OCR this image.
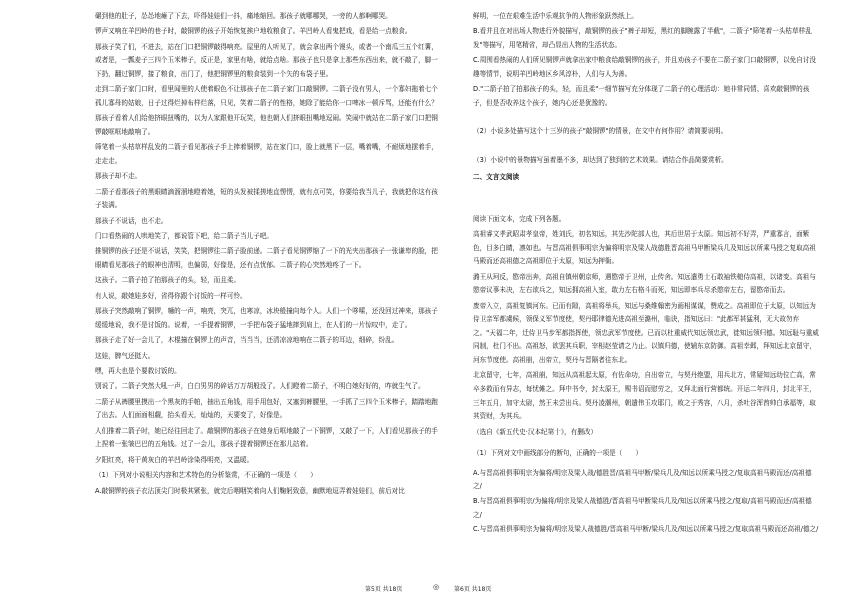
碾到他的肚子，怂怂地瘫了下去，吓得娃娃们一抖，痛地缩回。那孩子就哪哪哭，一旁的人都啊哪哭。

锣声又响在羊凹岭的巷子时，敲铜锣的孩子开始恢复挨户地收粮食了。羊凹岭人看鬼把戏，看是给一点粮食。

那孩子笑了们，不进去，站在门口把铜锣敲得响亮。屋里的人听见了，就会拿出两个馒头，或者一个南瓜三五个红薯，或者是，一瓢麦子三四个玉米棒子，反正是，家里有啥，就给点啥。那孩子也只是拿上那些东西出来，就不敲了，脚一下扔，翻过铜锣，接了粮食，出门了，他把铜锣里的粮食装到一个矢的布袋子里。

走到二箭子家门口时，看里闻里的人使着眼色不让那孩子在二箭子家门口敲铜锣。二箭子没有男人，一个寡妇拖着七个孤儿寡母的姑娘，日子过得烂掉布样烂落，只见，笑着二箭子的性格，她除了能给你一口啤冰一顿斥骂，还能有什么？

那孩子看着人们给他挤眼扭嘴的，以为人家跟他开玩笑，他也朝人们挤眼扭嘴地逗闹。笑闹中就站在二箭子家门口把铜锣敲哐哐地敲响了。

筛笔着一头枯草样乱发的二箭子看见那孩子手上捧着铜锣，站在家门口，脸上就黑下一层，嘴着嘴，不耐烦地摆着手，走走走。

那孩子却不走。

二箭子看那孩子的黑眼睛滴溜溜地瞪着她，短的头发被揉搓地直愣愣，就有点可笑，你要给我当儿子，我就把你这有孩子装满。

那孩子不说话，也不走。

门口看热闹的人哄地笑了，都说管下吧，给二箭子当儿子吧。

推铜锣的孩子还是不说话，笑笑，把铜锣往二箭子脸前递。二箭子看见铜锣缩了一下的光夹出那孩子一张谦卑的脸，把眼睛看见那孩子的眼神也清明，也偏弱，好像是，还有点忧郁。二箭子的心突然地疼了一下。

这孩子。二箭子拍了拍那孩子的头，轻，而且柔。

有人说，敲她娃多好，省得你跟个讨饭的一样可怜。

那孩子突然敲响了铜锣，嗵的一声，响亮，突兀，也寒凉，冰块般撞向每个人。人们一个哆嗦，还没回过神来，那孩子缓缓地说，我不是讨饭的。说着，一手提着铜锣，一手把布袋子猛地摔到肩上，在人们的一片惊叹中，走了。

那孩子走了好一会儿了，木棍撞在铜锣上的声音，当当当，还清凉凉地响在二箭子的耳边，细碎，纷乱。

这娃，脾气还挺大。

嘿，再大也是个要救讨饭的。

别说了。二箭子突然大吼一声，白白男男的碎话万万胡般没了。人们瞪着二箭子，不明白她好好的，咋就生气了。

二箭子从裤腰里摸出一个黑灰的手帕，抽出五角钱，用手用包好，又塞到裤腰里，一手抓了三四个玉米棒子，踏踏地跑了出去。人们面面相觑，抬头看天，灿灿的，天要变了，好像是。

人们推着二箭子时，她已经往回走了。敲铜锣的那孩子在她身后哐地敲了一下铜锣，又敲了一下，人们看见那孩子的手上捏着一张皱巴巴的五角钱。过了一会儿，那孩子提着铜锣还在那儿站着。

夕阳红亮，将干黄灰白的羊凹岭涂染得明亮，又温暖。

（1）下列对小说相关内容和艺术特色的分析鉴赏，不正确的一项是（　　）

A.敲铜锣的孩子衣沾顶尖门时极其紧张，就完后咽咽笑着向人们鞠躬致意，幽默地逗弄着娃娃们，前后对比

鲜明，一位在艰难生活中乐观抗争的人物形象跃然纸上。

B.看并且在对出场人物进行外貌描写，敲铜锣的孩子"裤子却短，黑红的脚腕露了半截"，二箭子"筛笔着一头枯草样乱发"等描写，用笔精省，却凸显出人物的生活状态。

C.周围看热闹的人们所见铜锣声就拿出家中粮食给敲铜锣的孩子，并且劝孩子不要在二箭子家门口敲铜锣，以免自讨没趣等情节，说明羊凹岭地区乡风淳朴，人们与人为善。

D."二箭子拍了拍那孩子的头，轻，而且柔"一细节描写充分体现了二箭子的心理活动：她非常同情、喜欢敲铜锣的孩子，但是否收养这个孩子，她内心还是犹豫的。

（2）小说多处描写这个十三岁的孩子"敲铜锣"的情景，在文中有何作用？请简要说明。

（3）小说中的景物描写虽着墨不多，却达到了独到的艺术效果。请结合作品简要赏析。

二、文言文阅读

阅读下面文本，完成下列各题。

高祖睿文孝武昭肃孝皇帝，姓刘氏，初名知远，其先沙陀部人也，其后世居于太原。知远初不好弄，严重寡言，面紫色，目多白睛，凛如也。与晋高祖俱事明宗为偏将明宗及梁人战德胜晋高祖马甲断梁兵几及知远以所乘马授之复取高祖马殿而还高祖德之高祖即位于太原，知远为押衙。

潞王从珂反，愍帝出奔，高祖自镇州朝京师，遇愍帝于卫州，止传舍。知远遣勇士石敢袖铁槌侍高祖，以诸变。高祖与愍帝议事未决，左右欲兵之，知远拥高祖入室，敢力左右格斗而死，知远即率兵尽杀愍帝左右，留愍帝而去。

废帝入立，高祖复镇河东。已而有隙，高祖将举兵，知远与桑维翰密为画相谋谋，赞成之。高祖即位于太原，以知远为侍卫亲军都虞候，领保义军节度使，契丹耶律德光进高祖至潞州，临诀，指知远曰："此都军甚猛利，无大故勿弃之。"天福二年，迁侍卫马步军都指挥使，领忠武军节度使。已而以杜重威代知远领忠武，徙知远领归德。知远耻与重威同制，杜门不出。高祖怒，欲罢其兵职，宰相赵莹请之乃止。以镇归德，使辅东京防御。高祖幸邺，拜知远北京留守，河东节度使。高祖崩，出帝立，契丹与晋隔者往东北。

北京留守，七年，高祖崩，知远从高祖起太原，有佐命功，自出帝立，与契丹绝盟，用兵北方，常疑知远幼位亡高，常卒多救而有异志，每忧傩之。拜中书令，封太原王，赐书诏而慰劳之，又拜北面行营都统。开运二年四月，封北平王，三年五月，加守太尉，然王未尝出兵。契丹凌潮州，朝遣伟玉攻耶门，败之于秀容，八月，杀吐谷浑酋帅白承福等，取其资财，为其兵。

（选自《新五代史·汉本纪第十》，有删改）

（1）下列对文中画线部分的断句，正确的一项是（　　）

A.与晋高祖俱事明宗为偏将/明宗及梁人战/德胜晋/高祖马甲断/梁兵几及/知远以所乘马授之/复取高祖马殿而还/高祖德之/

B.与晋高祖俱事明宗/为偏将/明宗及梁人战德胜/晋高祖马甲断梁兵几及/知远以所乘马授之/复取/高祖马殿而还/高祖德之/

C.与晋高祖俱事明宗为偏将/明宗及梁人战德胜/晋高祖马甲断/梁兵几及/知远以所乘马授之/复取高祖马殿而还高祖/德之/

第5页 共18页	◎ 第6页 共18页
